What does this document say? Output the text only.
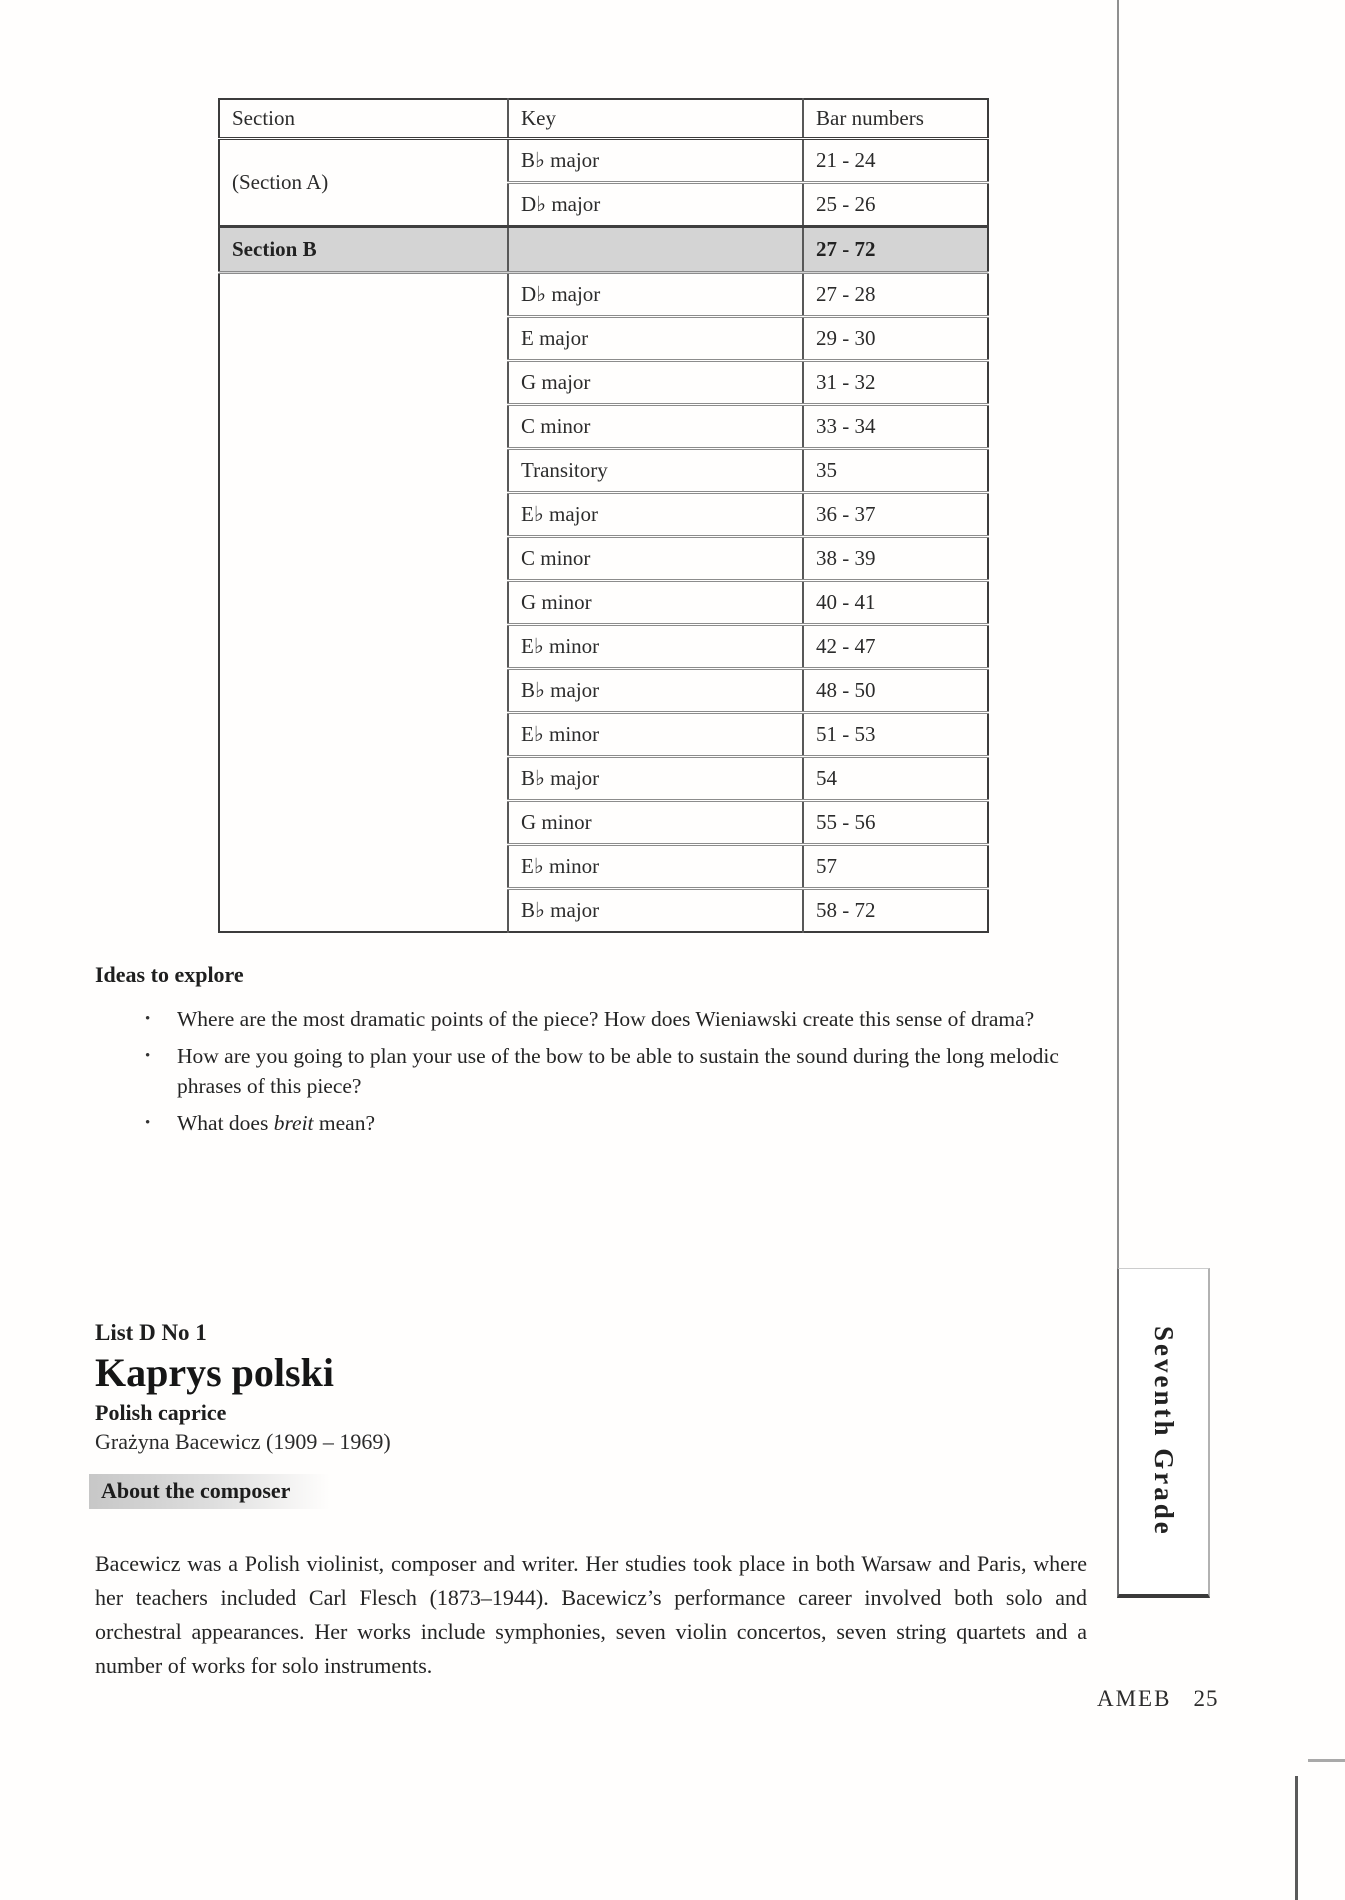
Section	Key	Bar numbers
(Section A)	B♭ major	21 - 24
	D♭ major	25 - 26
Section B		27 - 72
	D♭ major	27 - 28
	E major	29 - 30
	G major	31 - 32
	C minor	33 - 34
	Transitory	35
	E♭ major	36 - 37
	C minor	38 - 39
	G minor	40 - 41
	E♭ minor	42 - 47
	B♭ major	48 - 50
	E♭ minor	51 - 53
	B♭ major	54
	G minor	55 - 56
	E♭ minor	57
	B♭ major	58 - 72
Ideas to explore
•	Where are the most dramatic points of the piece? How does Wieniawski create this sense of drama?
•	How are you going to plan your use of the bow to be able to sustain the sound during the long melodic phrases of this piece?
•	What does breit mean?
List D No 1
Kaprys polski
Polish caprice
Grażyna Bacewicz (1909 – 1969)
About the composer
Bacewicz was a Polish violinist, composer and writer. Her studies took place in both Warsaw and Paris, where her teachers included Carl Flesch (1873–1944). Bacewicz’s performance career involved both solo and orchestral appearances. Her works include symphonies, seven violin concertos, seven string quartets and a number of works for solo instruments.
Seventh Grade
AMEB 25
